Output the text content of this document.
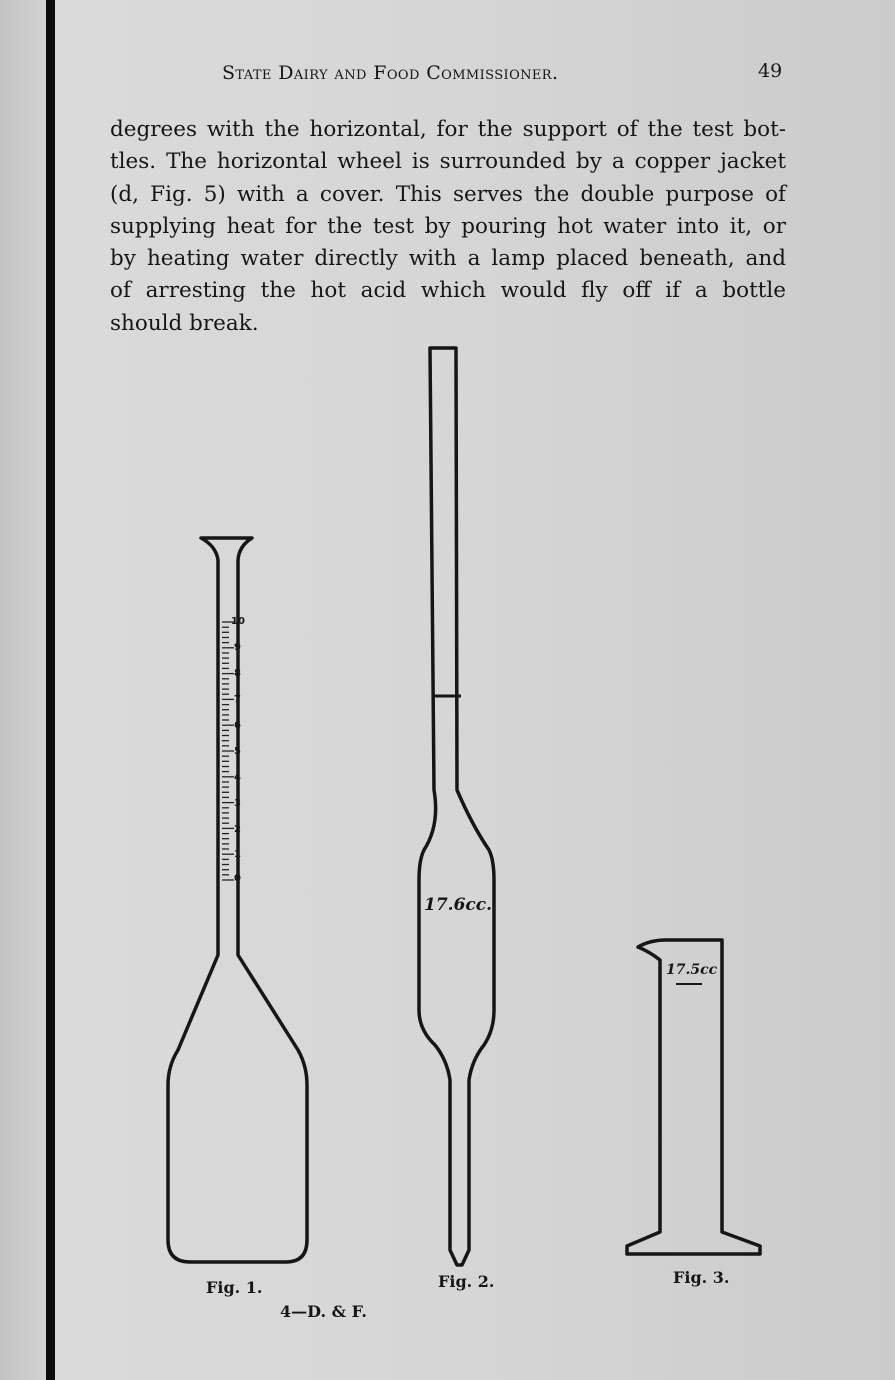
State Dairy and Food Commissioner.	49
degrees with the horizontal, for the support of the test bot-
tles. The horizontal wheel is surrounded by a copper jacket
(d, Fig. 5) with a cover. This serves the double purpose of
supplying heat for the test by pouring hot water into it, or
by heating water directly with a lamp placed beneath, and
of arresting the hot acid which would fly off if a bottle
should break.
10
9
8
7
6
5
4
3
2
1
0
17.6cc.
17.5cc
Fig. 1.	Fig. 2.	Fig. 3.
4—D. & F.
